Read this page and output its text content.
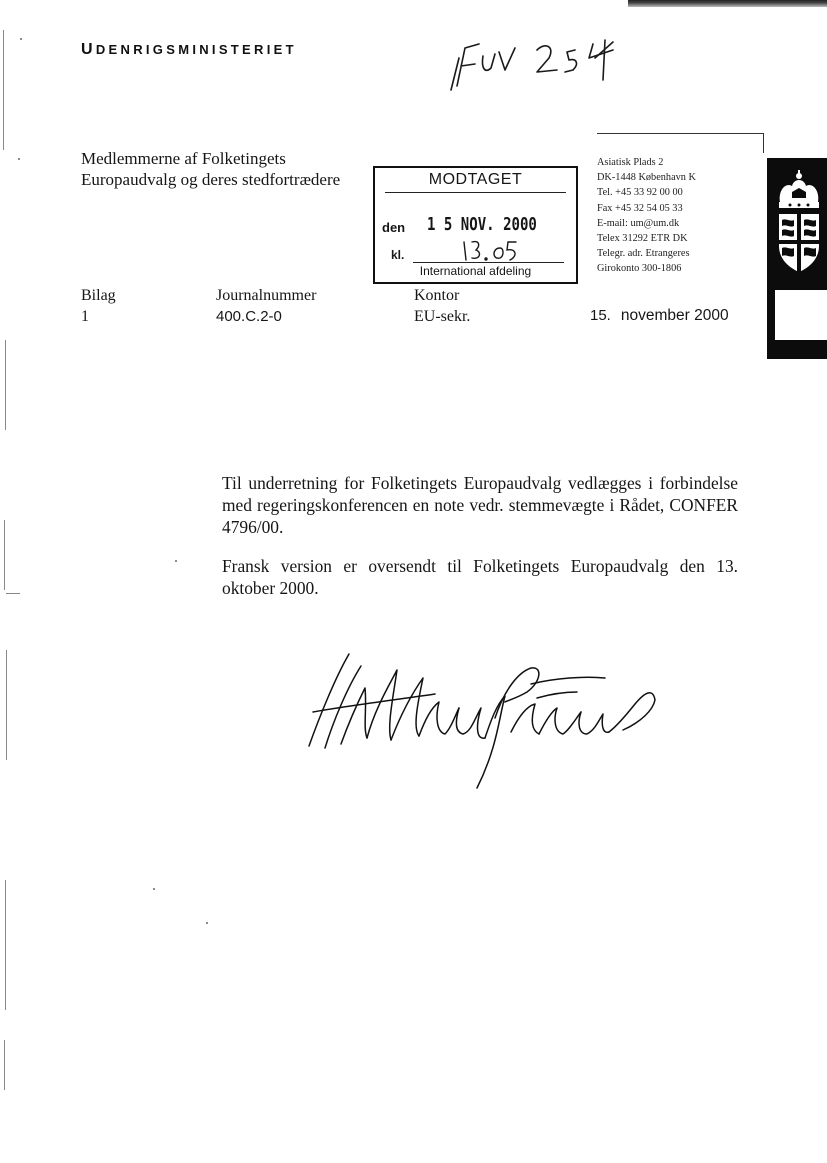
UDENRIGSMINISTERIET
Medlemmerne af Folketingets
Europaudvalg og deres stedfortrædere	MODTAGET
den 1 5 NOV. 2000
kl.
International afdeling
Asiatisk Plads 2
DK-1448 København K
Tel. +45 33 92 00 00
Fax +45 32 54 05 33
E-mail: um@um.dk
Telex 31292 ETR DK
Telegr. adr. Etrangeres
Girokonto 300-1806
Bilag
1
Journalnummer
400.C.2-0
Kontor
EU-sekr.	15. november 2000
Til underretning for Folketingets Europaudvalg vedlægges i forbindelse med regeringskonferencen en note vedr. stemmevægte i Rådet, CONFER 4796/00.
Fransk version er oversendt til Folketingets Europaudvalg den 13. oktober 2000.
